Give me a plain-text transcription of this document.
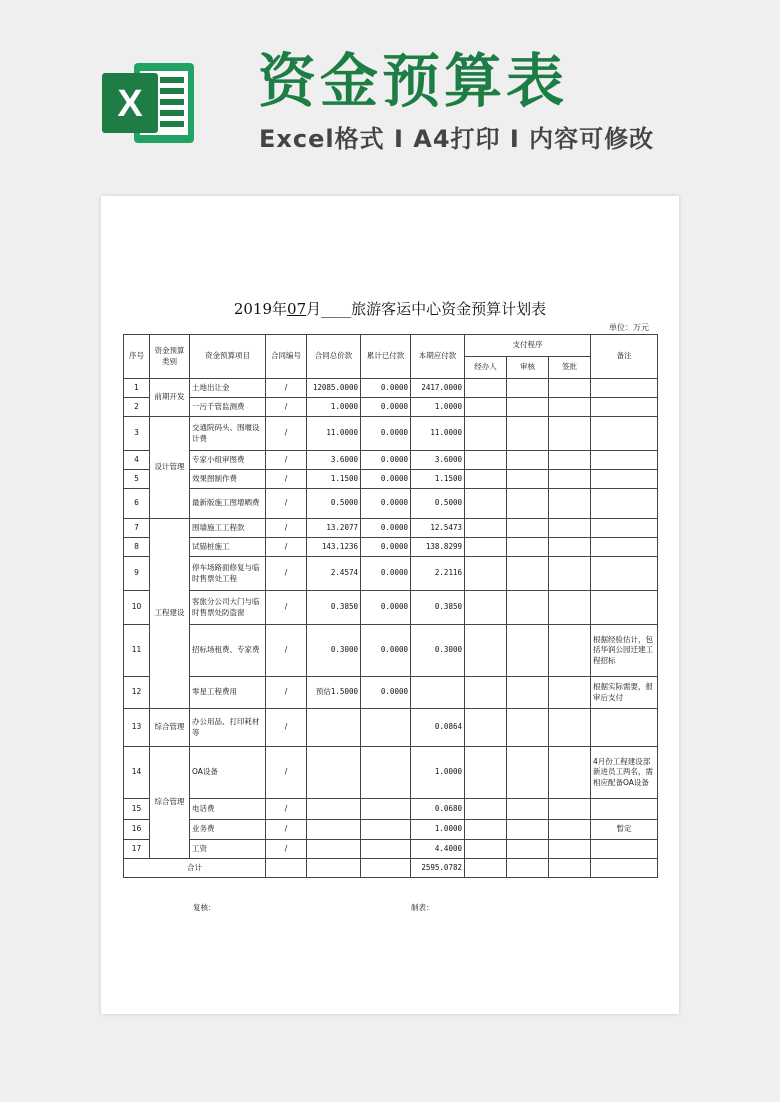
X 资金预算表
Excel格式 Ⅰ A4打印 Ⅰ 内容可修改
2019年07月____旅游客运中心资金预算计划表
单位：万元
序号	资金预算类别	资金预算项目	合同编号	合同总价款	累计已付款	本期应付款	支付程序			备注
							经办人	审核	签批	
1	前期开发	土地出让金	/	12085.0000	0.0000	2417.0000				
2		一污千管监测费	/	1.0000	0.0000	1.0000				
3	设计管理	交通院码头、围堰设计费	/	11.0000	0.0000	11.0000				
4		专家小组审图费	/	3.6000	0.0000	3.6000				
5		效果图制作费	/	1.1500	0.0000	1.1500				
6		最新版施工图增晒费	/	0.5000	0.0000	0.5000				
7	工程建设	围墙施工工程款	/	13.2077	0.0000	12.5473				
8		试锚桩施工	/	143.1236	0.0000	138.8299				
9		停车场路面修复与临时售票处工程	/	2.4574	0.0000	2.2116				
10		客旅分公司大门与临时售票处防盗窗	/	0.3850	0.0000	0.3850				
11		招标场租费、专家费	/	0.3000	0.0000	0.3000				根据经验估计，包括华润公园迁建工程招标
12		零星工程费用	/	预估1.5000	0.0000					根据实际需要，报审后支付
13	综合管理	办公用品、打印耗材等	/			0.0864				
14	综合管理	OA设备	/			1.0000				4月份工程建设部新进员工两名，需相应配备OA设备
15		电话费	/			0.0680				
16		业务费	/			1.0000				暂定
17		工资	/			4.4000				
合计						2595.0782				
复核：	制表：
